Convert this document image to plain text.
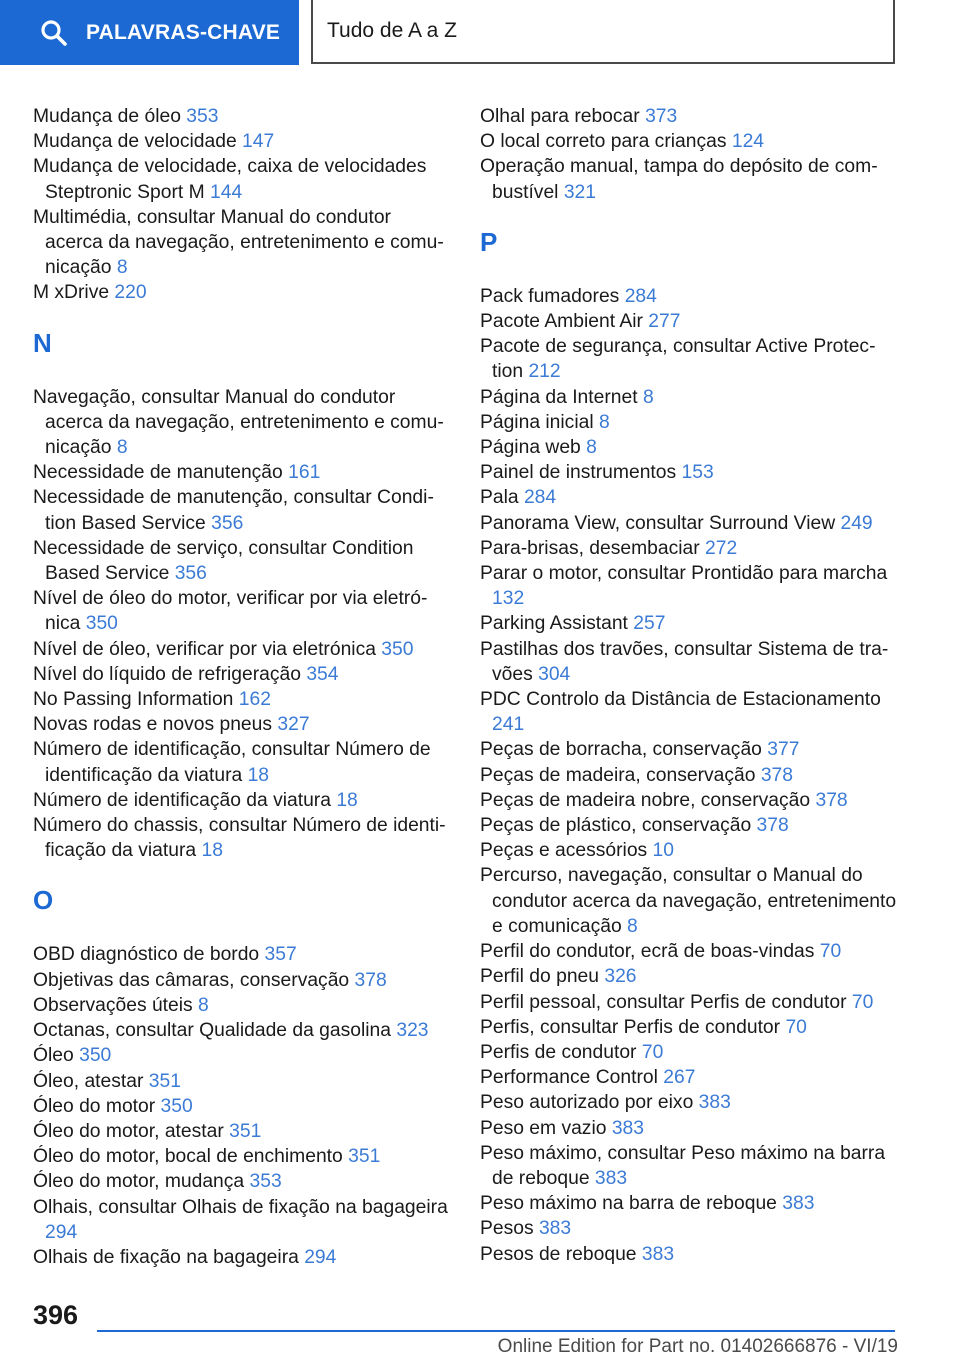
PALAVRAS-CHAVE Tudo de A a Z

Mudança de óleo 353

Mudança de velocidade 147

Mudança de velocidade, caixa de velocidades Steptronic Sport M 144

Multimédia, consultar Manual do condutor acerca da navegação, entretenimento e comunicação 8

M xDrive 220

N

Navegação, consultar Manual do condutor acerca da navegação, entretenimento e comunicação 8

Necessidade de manutenção 161

Necessidade de manutenção, consultar Condition Based Service 356

Necessidade de serviço, consultar Condition Based Service 356

Nível de óleo do motor, verificar por via eletrónica 350

Nível de óleo, verificar por via eletrónica 350

Nível do líquido de refrigeração 354

No Passing Information 162

Novas rodas e novos pneus 327

Número de identificação, consultar Número de identificação da viatura 18

Número de identificação da viatura 18

Número do chassis, consultar Número de identificação da viatura 18

O

OBD diagnóstico de bordo 357

Objetivas das câmaras, conservação 378

Observações úteis 8

Octanas, consultar Qualidade da gasolina 323

Óleo 350

Óleo, atestar 351

Óleo do motor 350

Óleo do motor, atestar 351

Óleo do motor, bocal de enchimento 351

Óleo do motor, mudança 353

Olhais, consultar Olhais de fixação na bagageira 294

Olhais de fixação na bagageira 294

Olhal para rebocar 373

O local correto para crianças 124

Operação manual, tampa do depósito de combustível 321

P

Pack fumadores 284

Pacote Ambient Air 277

Pacote de segurança, consultar Active Protection 212

Página da Internet 8

Página inicial 8

Página web 8

Painel de instrumentos 153

Pala 284

Panorama View, consultar Surround View 249

Para-brisas, desembaciar 272

Parar o motor, consultar Prontidão para marcha 132

Parking Assistant 257

Pastilhas dos travões, consultar Sistema de travões 304

PDC Controlo da Distância de Estacionamento 241

Peças de borracha, conservação 377

Peças de madeira, conservação 378

Peças de madeira nobre, conservação 378

Peças de plástico, conservação 378

Peças e acessórios 10

Percurso, navegação, consultar o Manual do condutor acerca da navegação, entretenimento e comunicação 8

Perfil do condutor, ecrã de boas-vindas 70

Perfil do pneu 326

Perfil pessoal, consultar Perfis de condutor 70

Perfis, consultar Perfis de condutor 70

Perfis de condutor 70

Performance Control 267

Peso autorizado por eixo 383

Peso em vazio 383

Peso máximo, consultar Peso máximo na barra de reboque 383

Peso máximo na barra de reboque 383

Pesos 383

Pesos de reboque 383

396
Online Edition for Part no. 01402666876 - VI/19
